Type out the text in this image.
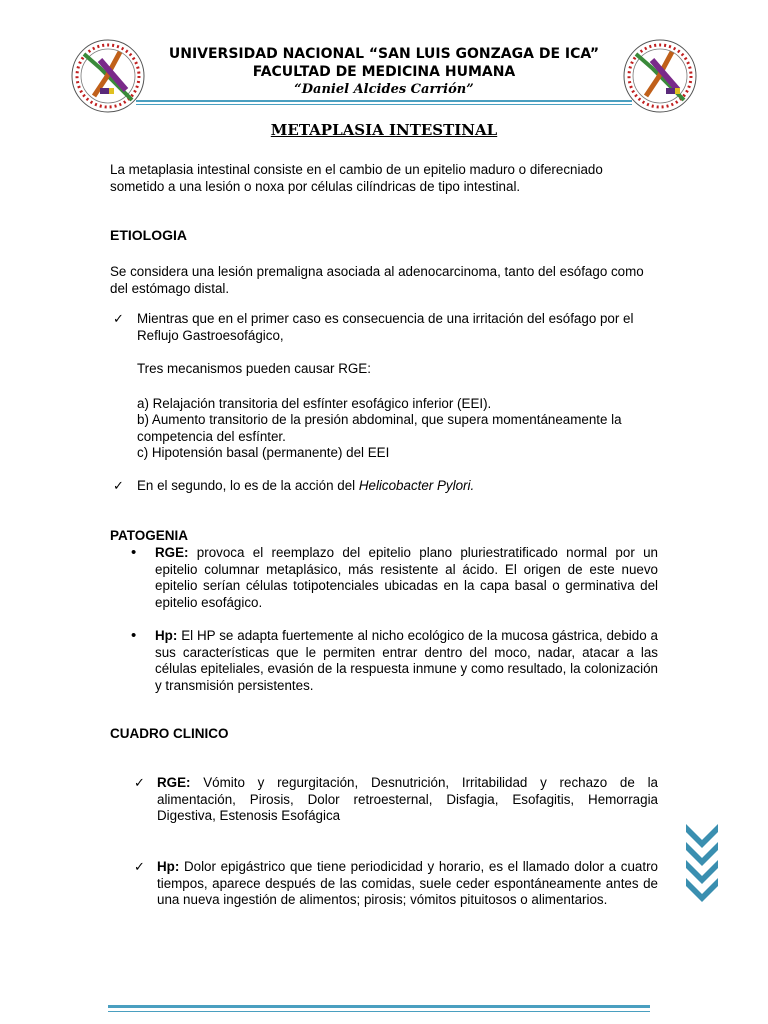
UNIVERSIDAD NACIONAL “SAN LUIS GONZAGA DE ICA”
FACULTAD DE MEDICINA HUMANA
“Daniel Alcides Carrión”
METAPLASIA INTESTINAL
La metaplasia intestinal consiste en el cambio de un epitelio maduro o diferecniado sometido a una lesión o noxa por células cilíndricas de tipo intestinal.
ETIOLOGIA
Se considera una lesión premaligna asociada al adenocarcinoma, tanto del esófago como del estómago distal.
✓ Mientras que en el primer caso es consecuencia de una irritación del esófago por el Reflujo Gastroesofágico,
Tres mecanismos pueden causar RGE:
a) Relajación transitoria del esfínter esofágico inferior (EEI).
b) Aumento transitorio de la presión abdominal, que supera momentáneamente la competencia del esfínter.
c) Hipotensión basal (permanente) del EEI
✓ En el segundo, lo es de la acción del Helicobacter Pylori.
PATOGENIA
• RGE: provoca el reemplazo del epitelio plano pluriestratificado normal por un epitelio columnar metaplásico, más resistente al ácido. El origen de este nuevo epitelio serían células totipotenciales ubicadas en la capa basal o germinativa del epitelio esofágico.
• Hp: El HP se adapta fuertemente al nicho ecológico de la mucosa gástrica, debido a sus características que le permiten entrar dentro del moco, nadar, atacar a las células epiteliales, evasión de la respuesta inmune y como resultado, la colonización y transmisión persistentes.
CUADRO CLINICO
✓ RGE: Vómito y regurgitación, Desnutrición, Irritabilidad y rechazo de la alimentación, Pirosis, Dolor retroesternal, Disfagia, Esofagitis, Hemorragia Digestiva, Estenosis Esofágica
✓ Hp: Dolor epigástrico que tiene periodicidad y horario, es el llamado dolor a cuatro tiempos, aparece después de las comidas, suele ceder espontáneamente antes de una nueva ingestión de alimentos; pirosis; vómitos pituitosos o alimentarios.
